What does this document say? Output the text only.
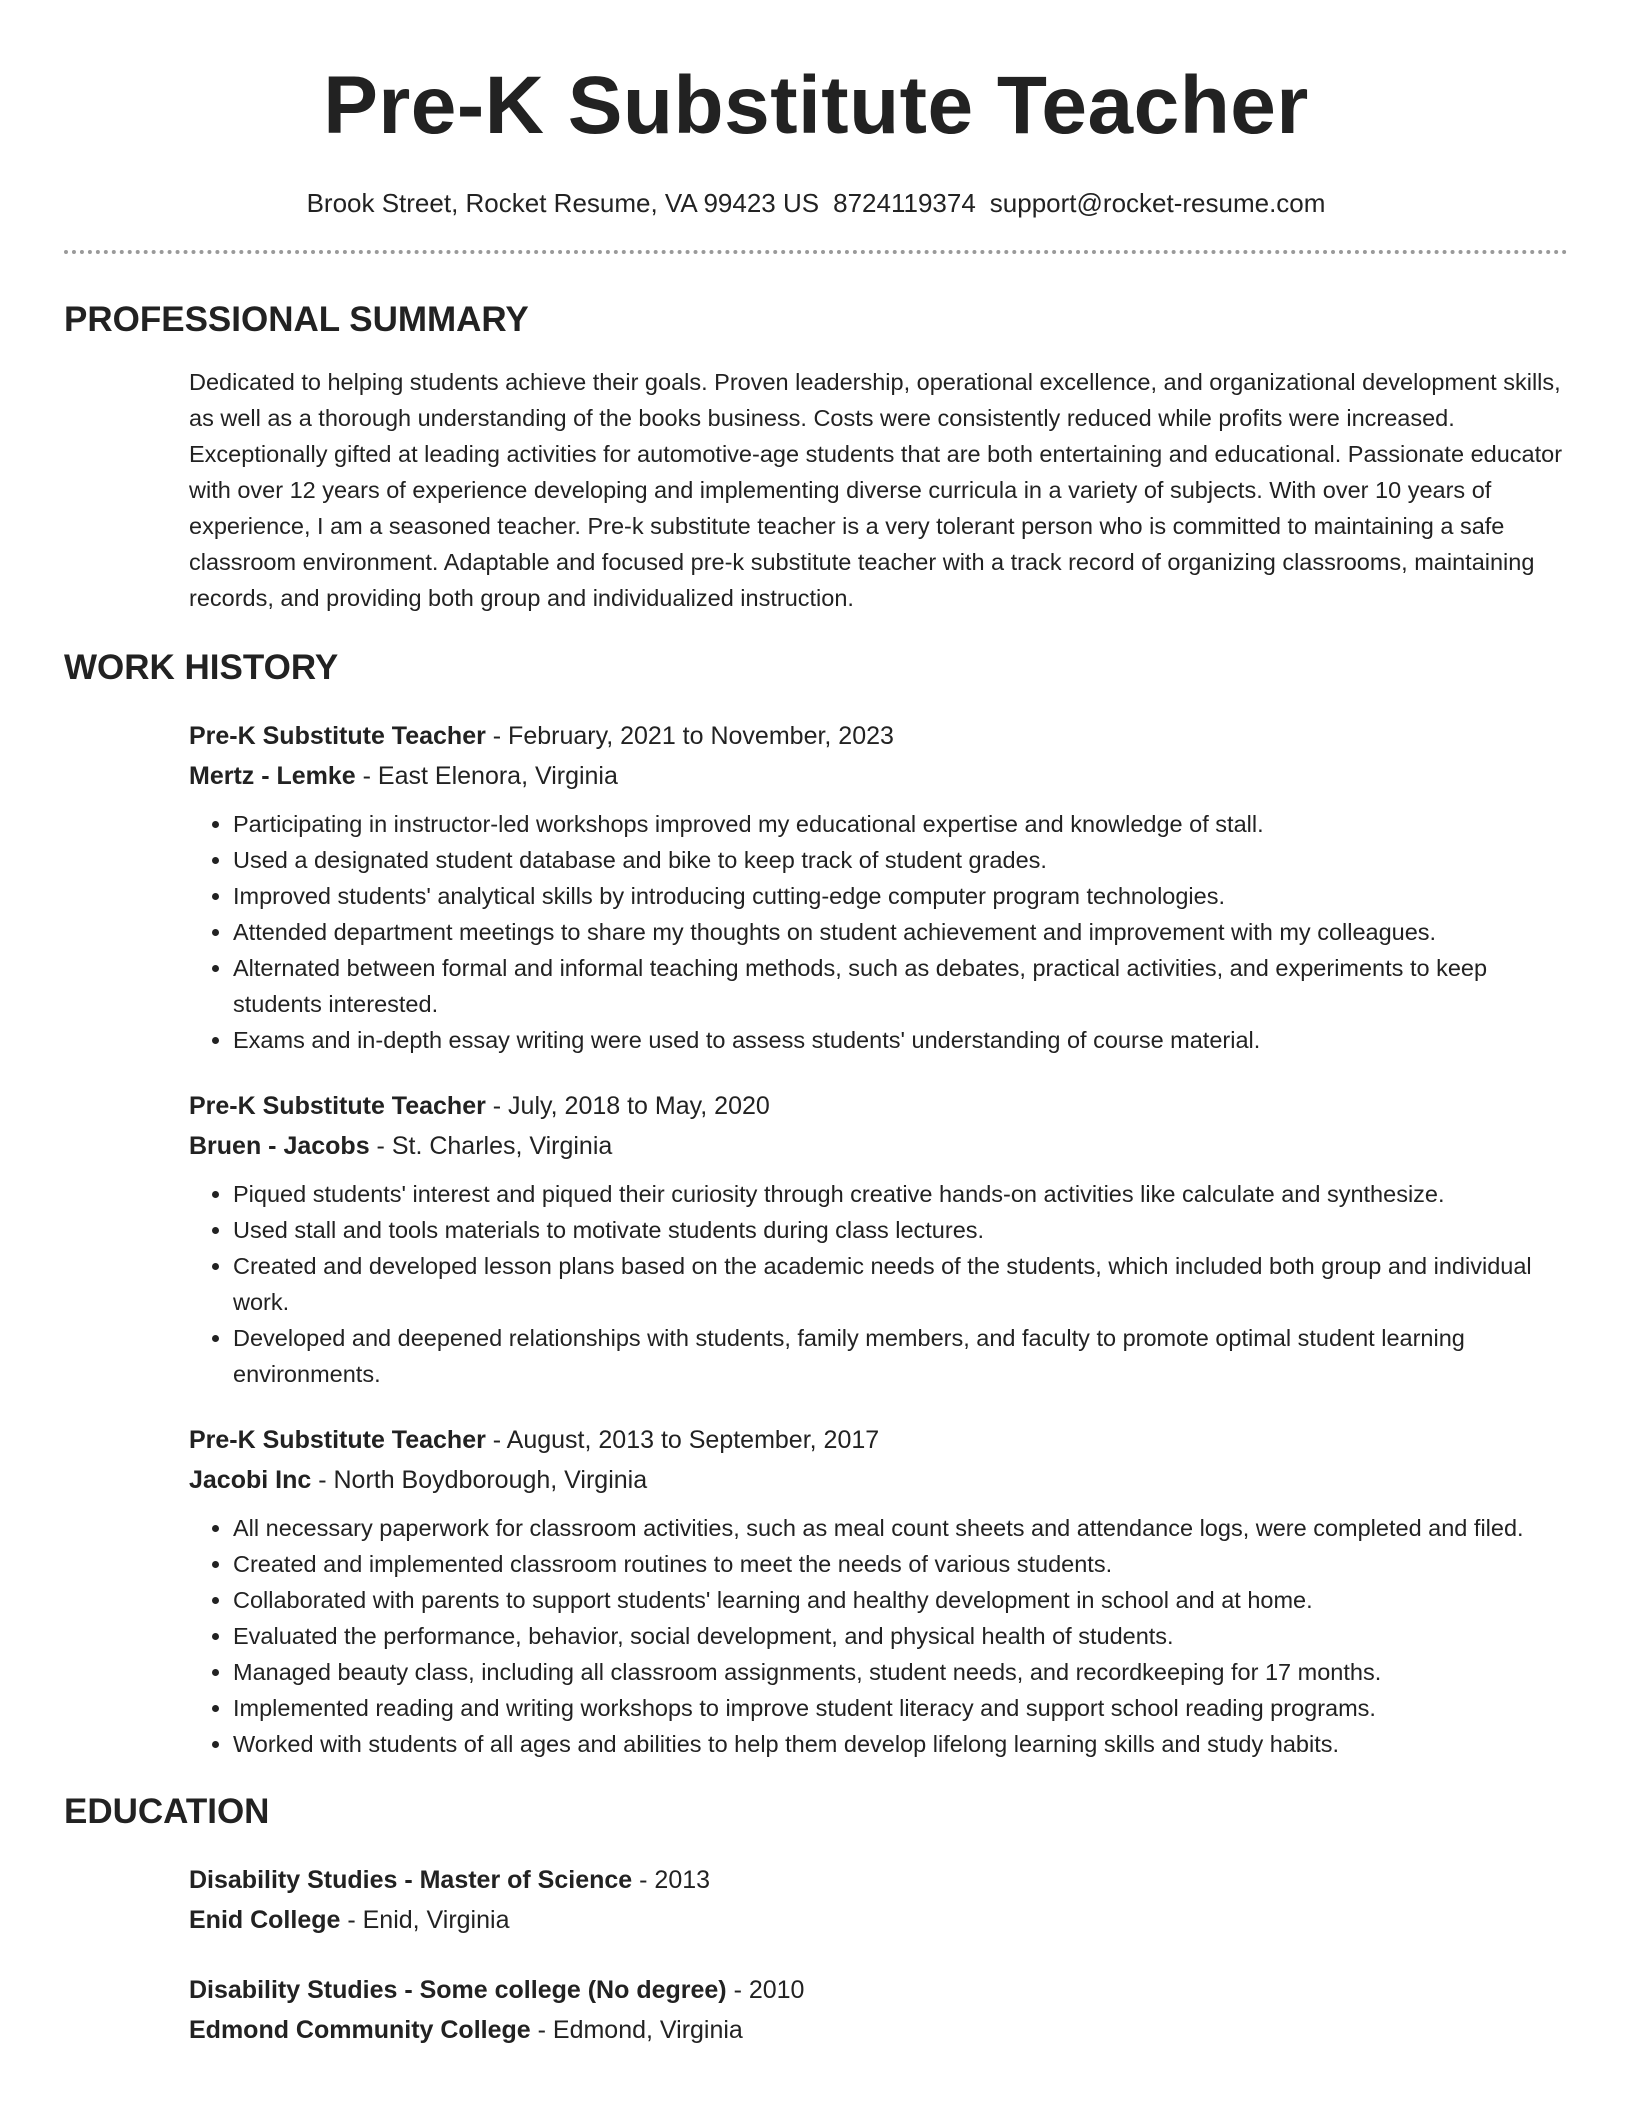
Pre-K Substitute Teacher
Brook Street, Rocket Resume, VA 99423 US 8724119374 support@rocket-resume.com
PROFESSIONAL SUMMARY

Dedicated to helping students achieve their goals. Proven leadership, operational excellence, and organizational development skills, as well as a thorough understanding of the books business. Costs were consistently reduced while profits were increased. Exceptionally gifted at leading activities for automotive-age students that are both entertaining and educational. Passionate educator with over 12 years of experience developing and implementing diverse curricula in a variety of subjects. With over 10 years of experience, I am a seasoned teacher. Pre-k substitute teacher is a very tolerant person who is committed to maintaining a safe classroom environment. Adaptable and focused pre-k substitute teacher with a track record of organizing classrooms, maintaining records, and providing both group and individualized instruction.

WORK HISTORY
Pre-K Substitute Teacher - February, 2021 to November, 2023
Mertz - Lemke - East Elenora, Virginia
• Participating in instructor-led workshops improved my educational expertise and knowledge of stall.
• Used a designated student database and bike to keep track of student grades.
• Improved students' analytical skills by introducing cutting-edge computer program technologies.
• Attended department meetings to share my thoughts on student achievement and improvement with my colleagues.
• Alternated between formal and informal teaching methods, such as debates, practical activities, and experiments to keep students interested.
• Exams and in-depth essay writing were used to assess students' understanding of course material.
Pre-K Substitute Teacher - July, 2018 to May, 2020
Bruen - Jacobs - St. Charles, Virginia
• Piqued students' interest and piqued their curiosity through creative hands-on activities like calculate and synthesize.
• Used stall and tools materials to motivate students during class lectures.
• Created and developed lesson plans based on the academic needs of the students, which included both group and individual work.
• Developed and deepened relationships with students, family members, and faculty to promote optimal student learning environments.
Pre-K Substitute Teacher - August, 2013 to September, 2017
Jacobi Inc - North Boydborough, Virginia
• All necessary paperwork for classroom activities, such as meal count sheets and attendance logs, were completed and filed.
• Created and implemented classroom routines to meet the needs of various students.
• Collaborated with parents to support students' learning and healthy development in school and at home.
• Evaluated the performance, behavior, social development, and physical health of students.
• Managed beauty class, including all classroom assignments, student needs, and recordkeeping for 17 months.
• Implemented reading and writing workshops to improve student literacy and support school reading programs.
• Worked with students of all ages and abilities to help them develop lifelong learning skills and study habits.
EDUCATION
Disability Studies - Master of Science - 2013
Enid College - Enid, Virginia
Disability Studies - Some college (No degree) - 2010
Edmond Community College - Edmond, Virginia
